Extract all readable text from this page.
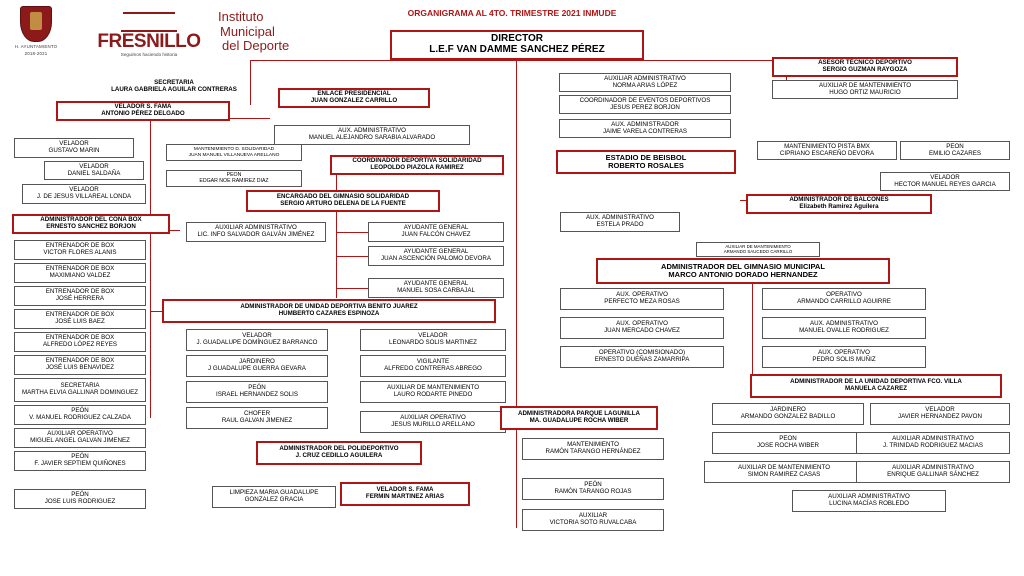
H. AYUNTAMIENTO
2018-2021
FRESNILLO
Seguimos haciendo historia
Instituto
Municipal
del Deporte
ORGANIGRAMA AL 4TO. TRIMESTRE 2021 INMUDE
DIRECTOR
L.E.F VAN DAMME SANCHEZ PÉREZ
SECRETARIA
LAURA GABRIELA AGUILAR CONTRERAS
ENLACE PRESIDENCIAL
JUAN GONZALEZ CARRILLO
ASESOR TÉCNICO DEPORTIVO
SERGIO GUZMAN RAYGOZA
AUXILIAR DE MANTENIMIENTO
HUGO ORTIZ MAURICIO
AUXILIAR ADMINISTRATIVO
NORMA ARIAS LÓPEZ
COORDINADOR DE EVENTOS DEPORTIVOS
JESUS PEREZ BORJON
AUX. ADMINISTRADOR
JAIME VARELA CONTRERAS
VELADOR S. FAMA
ANTONIO PÉREZ DELGADO
AUX. ADMINISTRATIVO
MANUEL ALEJANDRO SARABIA ALVARADO
MANTENIMIENTO PISTA BMX
CIPRIANO ESCAREÑO DEVORA
PEON
EMILIO CAZARES
VELADOR
HECTOR MANUEL REYES GARCIA
VELADOR
GUSTAVO MARIN
VELADOR
DANIEL SALDAÑA
VELADOR
J. DE JESUS VILLAREAL LONDA
MANTENIMIENTO D. SOLIDARIDAD
JUAN MANUEL VILLANUEVA ARELLANO
PEON
EDGAR NOE RAMIREZ DIAZ
COORDINADOR DEPORTIVA SOLIDARIDAD
LEOPOLDO PIAZOLA RAMIREZ
ESTADIO DE BEISBOL
ROBERTO ROSALES
ENCARGADO DEL GIMNASIO SOLIDARIDAD
SERGIO ARTURO DELENA DE LA FUENTE
ADMINISTRADOR DE BALCONES
Elizabeth Ramirez Aguilera
ADMINISTRADOR DEL CONA BOX
ERNESTO SANCHEZ BORJON	AUXILIAR ADMINISTRATIVO
LIC. INFO SALVADOR GALVÁN JIMÉNEZ
AYUDANTE GENERAL
JUAN FALCÓN CHAVEZ
AYUDANTE GENERAL
JUAN ASCENCIÓN PALOMO DEVORA
AYUDANTE GENERAL
MANUEL SOSA CARBAJAL
AUX. ADMINISTRATIVO
ESTELA PRADO
AUXILIAR DE MANTENIMIENTO
ARMANDO SAUCEDO CARRILLO
ADMINISTRADOR DEL GIMNASIO MUNICIPAL
MARCO ANTONIO DORADO HERNANDEZ
ENTRENADOR DE BOX
VICTOR FLORES ALANIS
ENTRENADOR DE BOX
MAXIMIANO VALDEZ
ENTRENADOR DE BOX
JOSÉ HERRERA
ENTRENADOR DE BOX
JOSÉ LUIS BAEZ
ENTRENADOR DE BOX
ALFREDO LÓPEZ REYES
ENTRENADOR DE BOX
JOSÉ LUIS BENAVIDEZ
SECRETARIA
MARTHA ELVIA GALLINAR DOMINGUEZ
PEÓN
V. MANUEL RODRIGUEZ CALZADA
AUXILIAR OPERATIVO
MIGUEL ANGEL GALVAN JIMENEZ
PEÓN
F. JAVIER SEPTIEM QUIÑONES
PEÓN
JOSE LUIS RODRIGUEZ
ADMINISTRADOR DE UNIDAD DEPORTIVA BENITO JUAREZ
HUMBERTO CAZARES ESPINOZA
VELADOR
J. GUADALUPE DOMÍNGUEZ BARRANCO
VELADOR
LEONARDO SOLIS MARTINEZ
JARDINERO
J GUADALUPE GUERRA GEVARA
VIGILANTE
ALFREDO CONTRERAS ABREGO
PEÓN
ISRAEL HERNANDEZ SOLIS
AUXILIAR DE MANTENIMIENTO
LAURO RODARTE PINEDO
CHOFER
RAUL GALVAN JIMENEZ	AUXILIAR OPERATIVO
JESUS MURILLO ARELLANO
AUX. OPERATIVO
PERFECTO MEZA ROSAS
AUX. OPERATIVO
JUAN MERCADO CHAVEZ
OPERATIVO (COMISIONADO)
ERNESTO DUEÑAS ZAMARRIPA
OPERATIVO
ARMANDO CARRILLO AGUIRRE
AUX. ADMINISTRATIVO
MANUEL OVALLE RODRIGUEZ
AUX. OPERATIVO
PEDRO SOLIS MUÑIZ
ADMINISTRADOR DE LA UNIDAD DEPORTIVA FCO. VILLA
MANUELA CAZAREZ
JARDINERO
ARMANDO GONZALEZ BADILLO
VELADOR
JAVIER HERNANDEZ PAVON
PEON
JOSE ROCHA WIBER
AUXILIAR ADMINISTRATIVO
J. TRINIDAD RODRIGUEZ MACIAS
AUXILIAR DE MANTENIMIENTO
SIMON RAMIREZ CASAS
AUXILIAR ADMINISTRATIVO
ENRIQUE GALLINAR SÁNCHEZ
AUXILIAR ADMINISTRATIVO
LUCINA MACÍAS ROBLEDO
ADMINISTRADORA PARQUE LAGUNILLA
MA. GUADALUPE ROCHA WIBER
MANTENIMIENTO
RAMÓN TARANGO HERNÁNDEZ
PEÓN
RAMÓN TARANGO ROJAS
AUXILIAR
VICTORIA SOTO RUVALCABA
ADMINISTRADOR DEL POLIDEPORTIVO
J. CRUZ CEDILLO AGUILERA
LIMPIEZA MARIA GUADALUPE
GONZALEZ GRACIA
VELADOR S. FAMA
FERMIN MARTINEZ ARIAS
